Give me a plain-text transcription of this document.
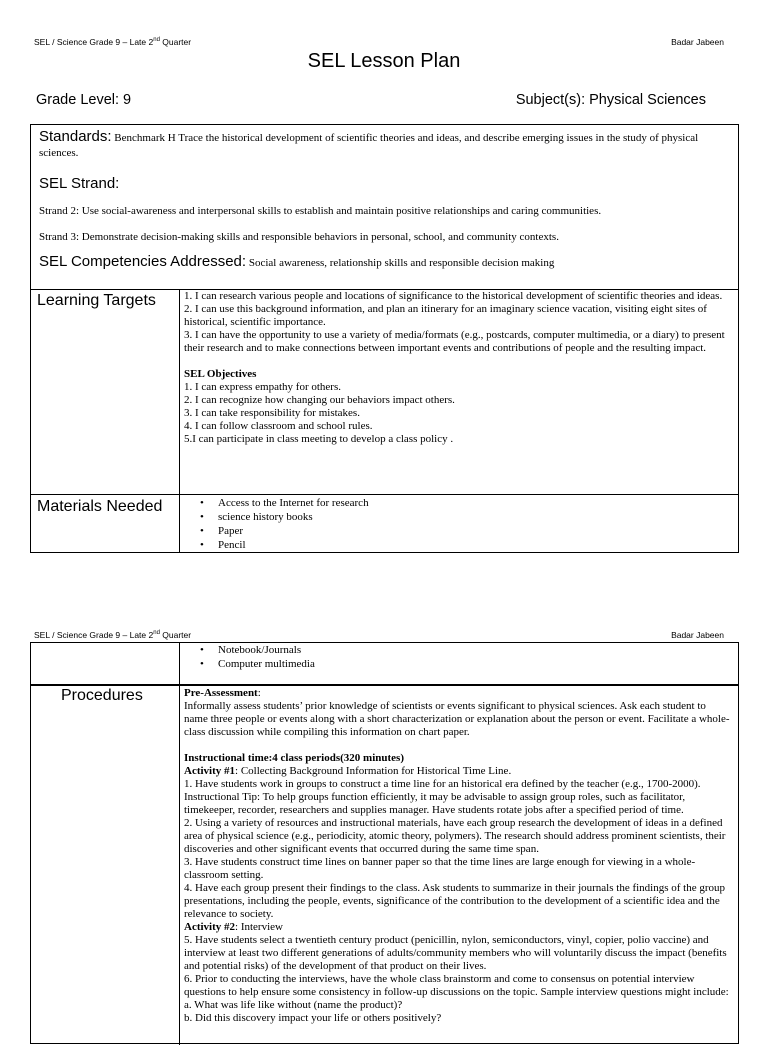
SEL / Science Grade 9 – Late 2nd Quarter	Badar Jabeen
SEL Lesson Plan
Grade Level: 9	Subject(s): Physical Sciences
Standards: Benchmark H Trace the historical development of scientific theories and ideas, and describe emerging issues in the study of physical sciences.
SEL Strand:
Strand 2: Use social-awareness and interpersonal skills to establish and maintain positive relationships and caring communities.
Strand 3: Demonstrate decision-making skills and responsible behaviors in personal, school, and community contexts.
SEL Competencies Addressed: Social awareness, relationship skills and responsible decision making
Learning Targets	1. I can research various people and locations of significance to the historical development of scientific theories and ideas.

2. I can use this background information, and plan an itinerary for an imaginary science vacation, visiting eight sites of historical, scientific importance.

3. I can have the opportunity to use a variety of media/formats (e.g., postcards, computer multimedia, or a diary) to present their research and to make connections between important events and contributions of people and the resulting impact.

SEL Objectives

1. I can express empathy for others.

2. I can recognize how changing our behaviors impact others.

3. I can take responsibility for mistakes.

4. I can follow classroom and school rules.

5.I can participate in class meeting to develop a class policy .

Materials Needed
•	Access to the Internet for research
• science history books
• Paper
• Pencil
SEL / Science Grade 9 – Late 2nd Quarter	Badar Jabeen
• Notebook/Journals
• Computer multimedia
Procedures	Pre-Assessment:

Informally assess students’ prior knowledge of scientists or events significant to physical sciences. Ask each student to name three people or events along with a short characterization or explanation about the person or event. Facilitate a whole-class discussion while compiling this information on chart paper.

Instructional time:4 class periods(320 minutes)

Activity #1: Collecting Background Information for Historical Time Line.

1. Have students work in groups to construct a time line for an historical era defined by the teacher (e.g., 1700-2000). Instructional Tip: To help groups function efficiently, it may be advisable to assign group roles, such as facilitator, timekeeper, recorder, researchers and supplies manager. Have students rotate jobs after a specified period of time.

2. Using a variety of resources and instructional materials, have each group research the development of ideas in a defined area of physical science (e.g., periodicity, atomic theory, polymers). The research should address prominent scientists, their discoveries and other significant events that occurred during the same time span.

3. Have students construct time lines on banner paper so that the time lines are large enough for viewing in a whole-classroom setting.

4. Have each group present their findings to the class. Ask students to summarize in their journals the findings of the group presentations, including the people, events, significance of the contribution to the development of a scientific idea and the relevance to society.

Activity #2: Interview

5. Have students select a twentieth century product (penicillin, nylon, semiconductors, vinyl, copier, polio vaccine) and interview at least two different generations of adults/community members who will voluntarily discuss the impact (benefits and potential risks) of the development of that product on their lives.

6. Prior to conducting the interviews, have the whole class brainstorm and come to consensus on potential interview questions to help ensure some consistency in follow-up discussions on the topic. Sample interview questions might include: a. What was life like without (name the product)?

b. Did this discovery impact your life or others positively?
